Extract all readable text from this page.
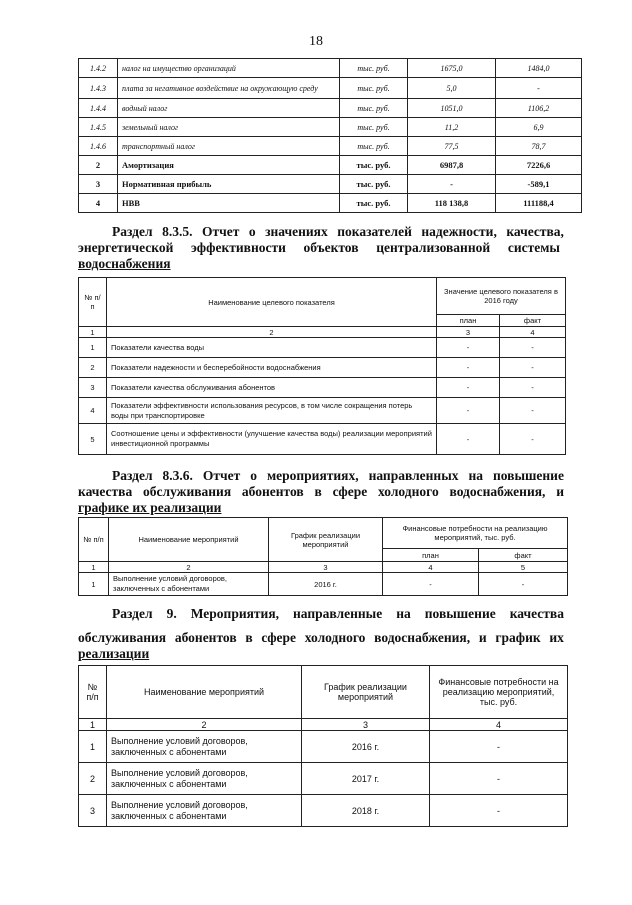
18
1.4.2	налог на имущество организаций	тыс. руб.	1675,0	1484,0
1.4.3	плата за негативное воздействие на окружающую среду	тыс. руб.	5,0	-
1.4.4	водный налог	тыс. руб.	1051,0	1106,2
1.4.5	земельный налог	тыс. руб.	11,2	6,9
1.4.6	транспортный налог	тыс. руб.	77,5	78,7
2	Амортизация	тыс. руб.	6987,8	7226,6
3	Нормативная прибыль	тыс. руб.	-	-589,1
4	НВВ	тыс. руб.	118 138,8	111188,4
Раздел 8.3.5. Отчет о значениях показателей надежности, качества,
энергетической эффективности объектов централизованной системы
водоснабжения
№ п/п	Наименование целевого показателя	Значение целевого показателя в 2016 году	
		план	факт
1	2	3	4
1	Показатели качества воды	-	-
2	Показатели надежности и бесперебойности водоснабжения	-	-
3	Показатели качества обслуживания абонентов	-	-
4	Показатели эффективности использования ресурсов, в том числе сокращения потерь воды при транспортировке	-	-
5	Соотношение цены и эффективности (улучшение качества воды) реализации мероприятий инвестиционной программы	-	-
Раздел 8.3.6. Отчет о мероприятиях, направленных на повышение
качества обслуживания абонентов в сфере холодного водоснабжения, и
графике их реализации
№ п/п	Наименование мероприятий	График реализации мероприятий	Финансовые потребности на реализацию мероприятий, тыс. руб.	
			план	факт
1	2	3	4	5
1	Выполнение условий договоров, заключенных с абонентами	2016 г.	-	-
Раздел 9. Мероприятия, направленные на повышение качества
обслуживания абонентов в сфере холодного водоснабжения, и график их
реализации
№ п/п	Наименование мероприятий	График реализации мероприятий	Финансовые потребности на реализацию мероприятий, тыс. руб.
1	2	3	4
1	Выполнение условий договоров, заключенных с абонентами	2016 г.	-
2	Выполнение условий договоров, заключенных с абонентами	2017 г.	-
3	Выполнение условий договоров, заключенных с абонентами	2018 г.	-
